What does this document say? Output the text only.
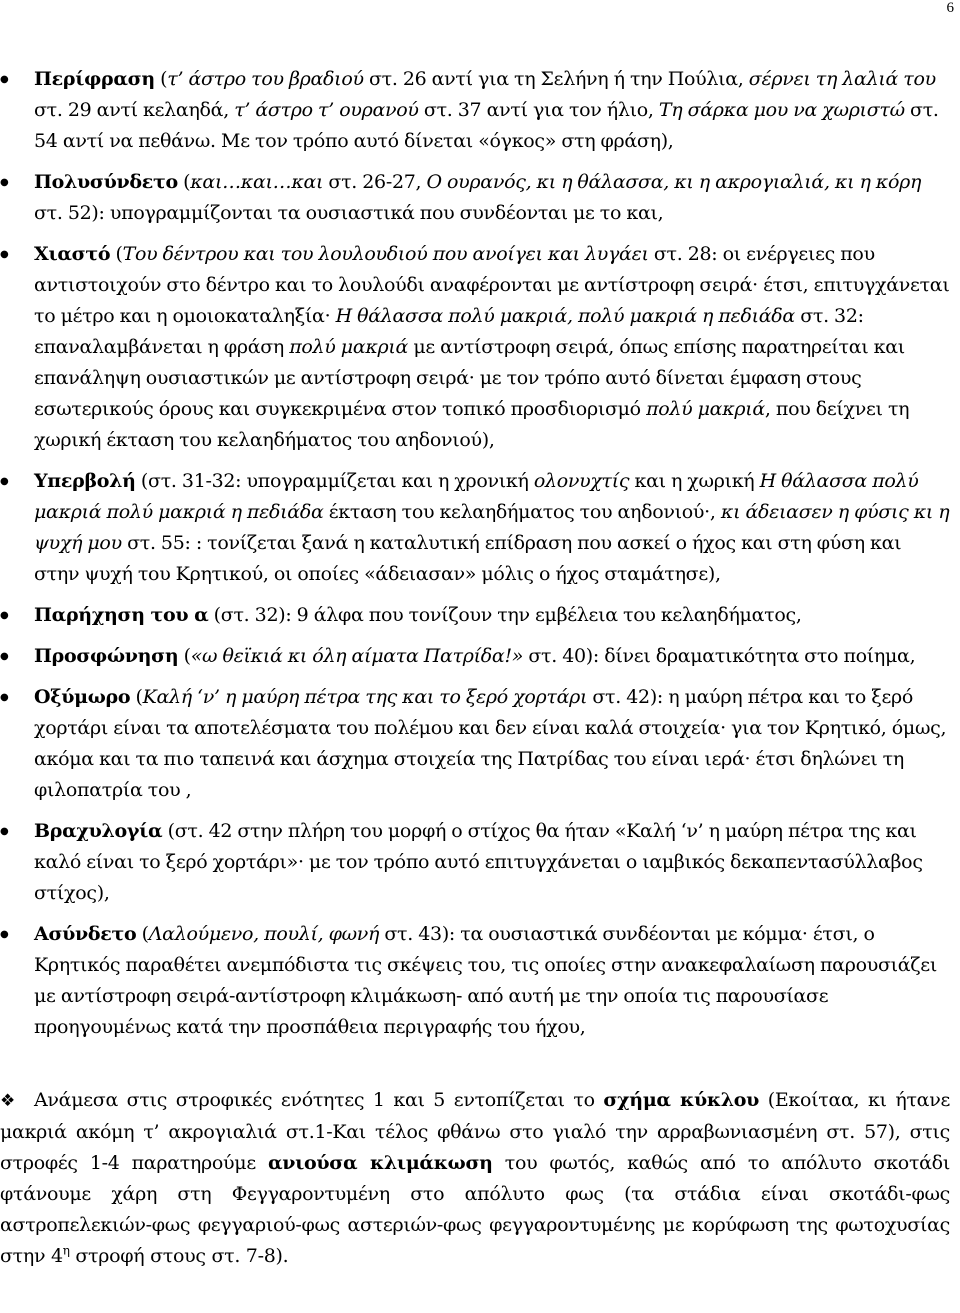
6
● Περίφραση (τ’ άστρο του βραδιού στ. 26 αντί για τη Σελήνη ή την Πούλια, σέρνει τη λαλιά του στ. 29 αντί κελαηδά, τ’ άστρο τ’ ουρανού στ. 37 αντί για τον ήλιο, Τη σάρκα μου να χωριστώ στ. 54 αντί να πεθάνω. Με τον τρόπο αυτό δίνεται «όγκος» στη φράση),
● Πολυσύνδετο (και…και…και στ. 26-27, Ο ουρανός, κι η θάλασσα, κι η ακρογιαλιά, κι η κόρη στ. 52): υπογραμμίζονται τα ουσιαστικά που συνδέονται με το και,
● Χιαστό (Του δέντρου και του λουλουδιού που ανοίγει και λυγάει στ. 28: οι ενέργειες που αντιστοιχούν στο δέντρο και το λουλούδι αναφέρονται με αντίστροφη σειρά· έτσι, επιτυγχάνεται το μέτρο και η ομοιοκαταληξία· Η θάλασσα πολύ μακριά, πολύ μακριά η πεδιάδα στ. 32: επαναλαμβάνεται η φράση πολύ μακριά με αντίστροφη σειρά, όπως επίσης παρατηρείται και επανάληψη ουσιαστικών με αντίστροφη σειρά· με τον τρόπο αυτό δίνεται έμφαση στους εσωτερικούς όρους και συγκεκριμένα στον τοπικό προσδιορισμό πολύ μακριά, που δείχνει τη χωρική έκταση του κελαηδήματος του αηδονιού),
● Υπερβολή (στ. 31-32: υπογραμμίζεται και η χρονική ολονυχτίς και η χωρική Η θάλασσα πολύ μακριά πολύ μακριά η πεδιάδα έκταση του κελαηδήματος του αηδονιού·, κι άδειασεν η φύσις κι η ψυχή μου στ. 55: : τονίζεται ξανά η καταλυτική επίδραση που ασκεί ο ήχος και στη φύση και στην ψυχή του Κρητικού, οι οποίες «άδειασαν» μόλις ο ήχος σταμάτησε),
● Παρήχηση του α (στ. 32): 9 άλφα που τονίζουν την εμβέλεια του κελαηδήματος,
● Προσφώνηση («ω θεϊκιά κι όλη αίματα Πατρίδα!» στ. 40): δίνει δραματικότητα στο ποίημα,
● Οξύμωρο (Καλή ‘ν’ η μαύρη πέτρα της και το ξερό χορτάρι στ. 42): η μαύρη πέτρα και το ξερό χορτάρι είναι τα αποτελέσματα του πολέμου και δεν είναι καλά στοιχεία· για τον Κρητικό, όμως, ακόμα και τα πιο ταπεινά και άσχημα στοιχεία της Πατρίδας του είναι ιερά· έτσι δηλώνει τη φιλοπατρία του ,
● Βραχυλογία (στ. 42 στην πλήρη του μορφή ο στίχος θα ήταν «Καλή ‘ν’ η μαύρη πέτρα της και καλό είναι το ξερό χορτάρι»· με τον τρόπο αυτό επιτυγχάνεται ο ιαμβικός δεκαπεντασύλλαβος στίχος),
● Ασύνδετο (Λαλούμενο, πουλί, φωνή στ. 43): τα ουσιαστικά συνδέονται με κόμμα· έτσι, ο Κρητικός παραθέτει ανεμπόδιστα τις σκέψεις του, τις οποίες στην ανακεφαλαίωση παρουσιάζει με αντίστροφη σειρά-αντίστροφη κλιμάκωση- από αυτή με την οποία τις παρουσίασε προηγουμένως κατά την προσπάθεια περιγραφής του ήχου,
❖ Ανάμεσα στις στροφικές ενότητες 1 και 5 εντοπίζεται το σχήμα κύκλου (Εκοίταα, κι ήτανε μακριά ακόμη τ’ ακρογιαλιά στ.1-Και τέλος φθάνω στο γιαλό την αρραβωνιασμένη στ. 57), στις στροφές 1-4 παρατηρούμε ανιούσα κλιμάκωση του φωτός, καθώς από το απόλυτο σκοτάδι φτάνουμε χάρη στη Φεγγαροντυμένη στο απόλυτο φως (τα στάδια είναι σκοτάδι-φως αστροπελεκιών-φως φεγγαριού-φως αστεριών-φως φεγγαροντυμένης με κορύφωση της φωτοχυσίας στην $4^\eta$ στροφή στους στ. 7-8).
